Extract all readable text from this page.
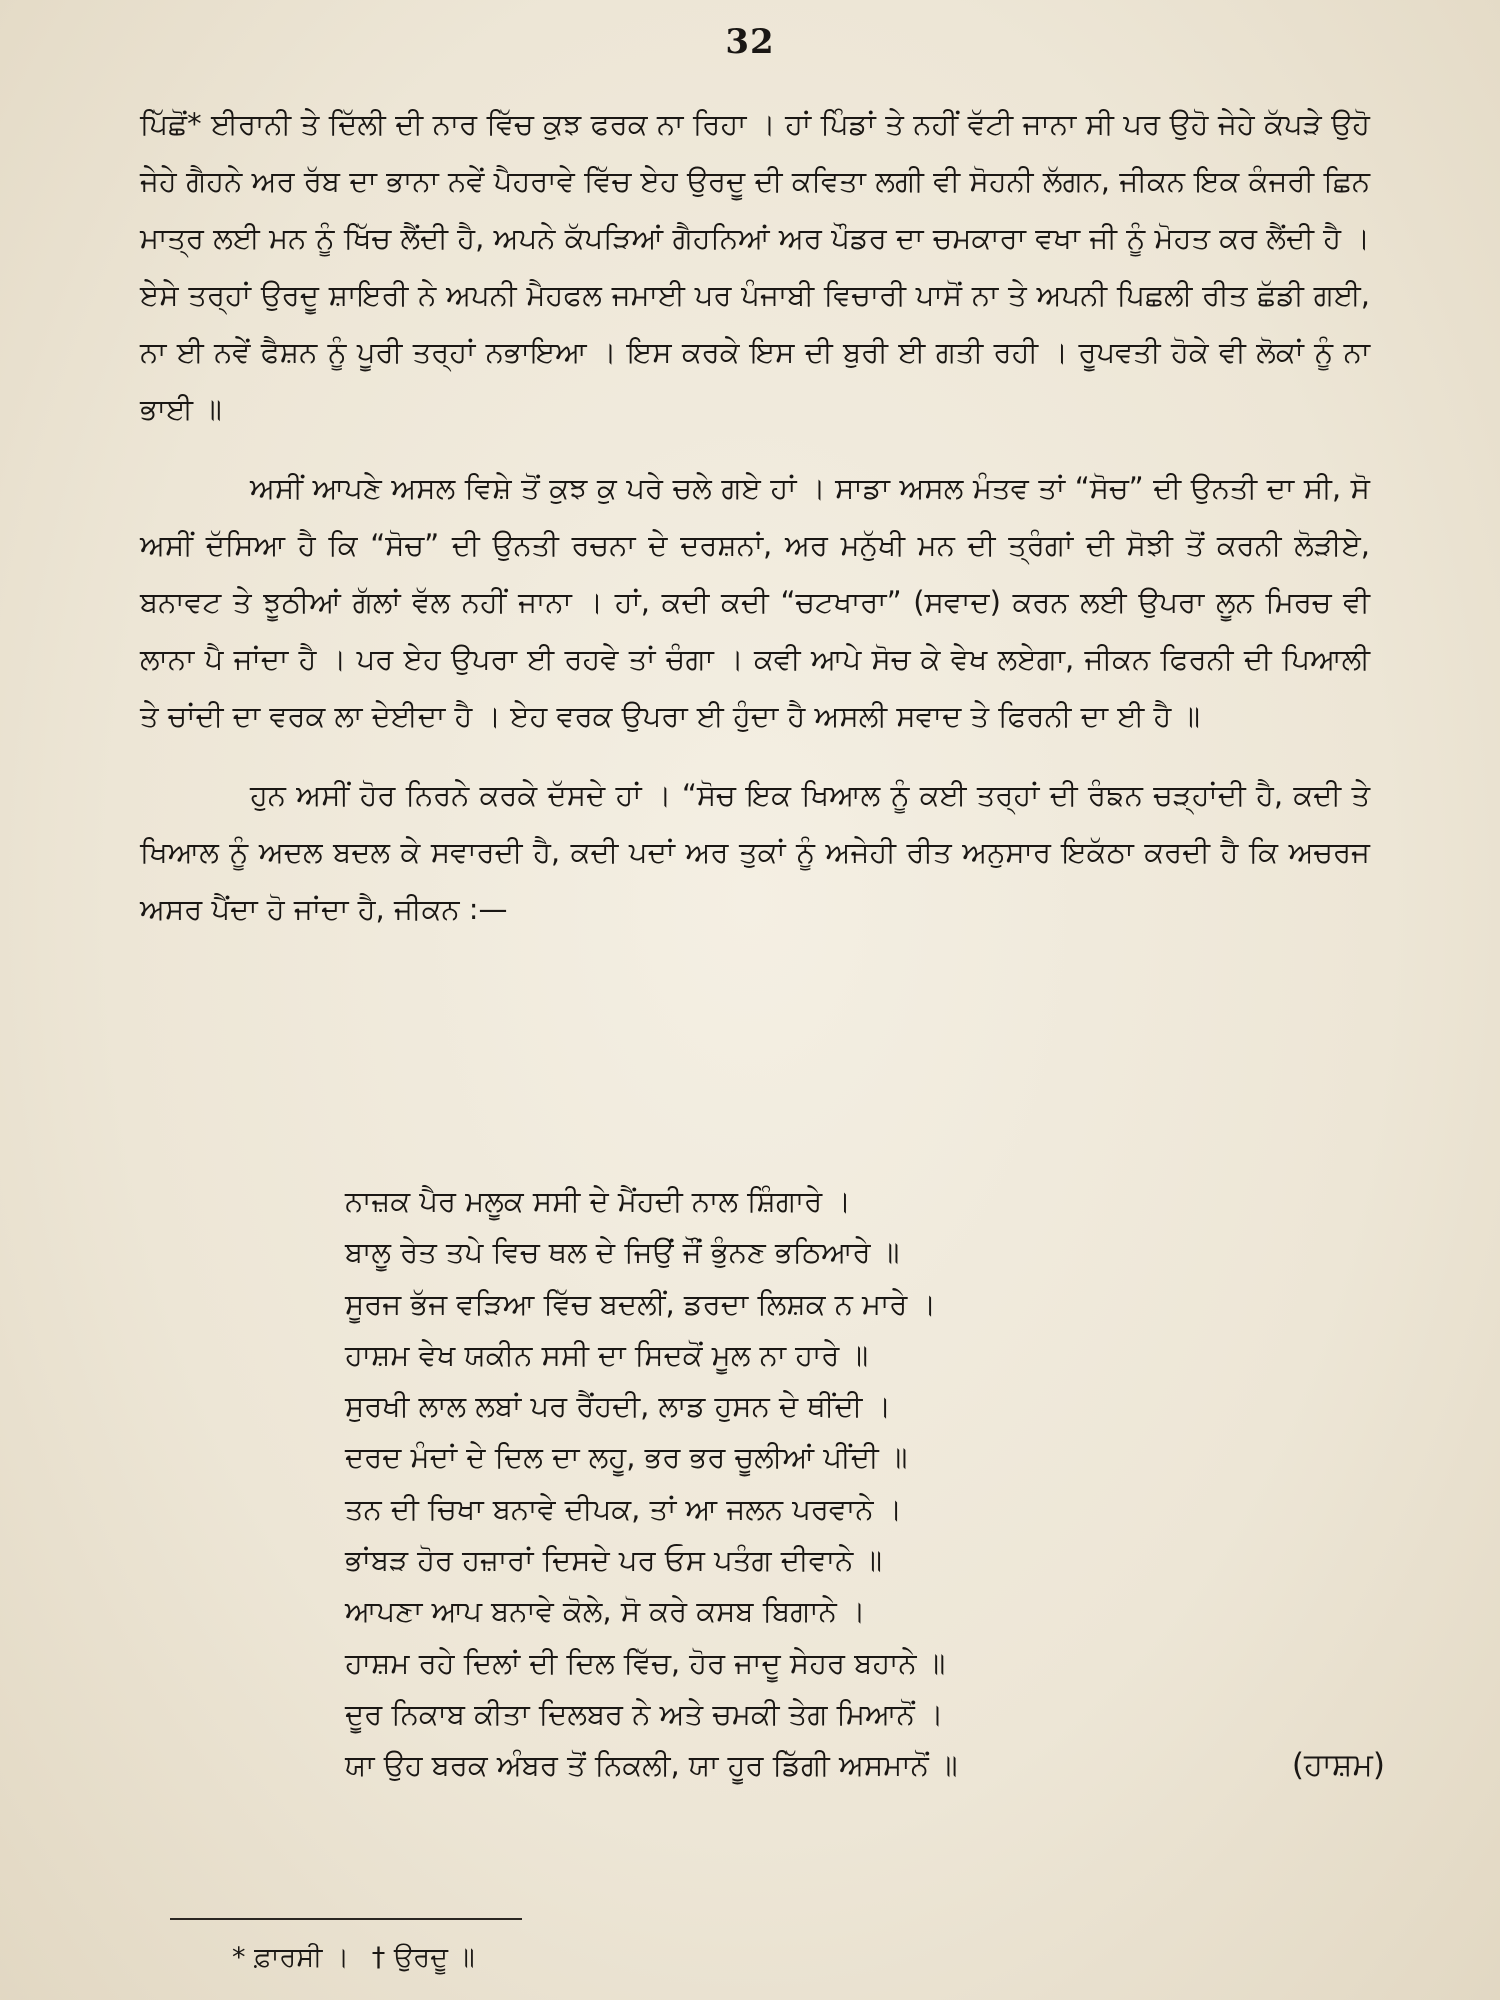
32

ਪਿੱਛੋਂ* ਈਰਾਨੀ ਤੇ ਦਿੱਲੀ ਦੀ ਨਾਰ ਵਿੱਚ ਕੁਝ ਫਰਕ ਨਾ ਰਿਹਾ । ਹਾਂ ਪਿੰਡਾਂ ਤੇ ਨਹੀਂ ਵੱਟੀ ਜਾਨਾ ਸੀ ਪਰ ਉਹੋ ਜੇਹੇ ਕੱਪੜੇ ਉਹੋ ਜੇਹੇ ਗੈਹਨੇ ਅਰ ਰੱਬ ਦਾ ਭਾਨਾ ਨਵੇਂ ਪੈਹਰਾਵੇ ਵਿੱਚ ਏਹ ਉਰਦੂ ਦੀ ਕਵਿਤਾ ਲਗੀ ਵੀ ਸੋਹਨੀ ਲੱਗਨ, ਜੀਕਨ ਇਕ ਕੰਜਰੀ ਛਿਨ ਮਾਤ੍ਰ ਲਈ ਮਨ ਨੂੰ ਖਿੱਚ ਲੈਂਦੀ ਹੈ, ਅਪਨੇ ਕੱਪੜਿਆਂ ਗੈਹਨਿਆਂ ਅਰ ਪੌਡਰ ਦਾ ਚਮਕਾਰਾ ਵਖਾ ਜੀ ਨੂੰ ਮੋਹਤ ਕਰ ਲੈਂਦੀ ਹੈ । ਏਸੇ ਤਰ੍ਹਾਂ ਉਰਦੂ ਸ਼ਾਇਰੀ ਨੇ ਅਪਨੀ ਮੈਹਫਲ ਜਮਾਈ ਪਰ ਪੰਜਾਬੀ ਵਿਚਾਰੀ ਪਾਸੋਂ ਨਾ ਤੇ ਅਪਨੀ ਪਿਛਲੀ ਰੀਤ ਛੱਡੀ ਗਈ, ਨਾ ਈ ਨਵੇਂ ਫੈਸ਼ਨ ਨੂੰ ਪੂਰੀ ਤਰ੍ਹਾਂ ਨਭਾਇਆ । ਇਸ ਕਰਕੇ ਇਸ ਦੀ ਬੁਰੀ ਈ ਗਤੀ ਰਹੀ । ਰੂਪਵਤੀ ਹੋਕੇ ਵੀ ਲੋਕਾਂ ਨੂੰ ਨਾ ਭਾਈ ॥

ਅਸੀਂ ਆਪਣੇ ਅਸਲ ਵਿਸ਼ੇ ਤੋਂ ਕੁਝ ਕੁ ਪਰੇ ਚਲੇ ਗਏ ਹਾਂ । ਸਾਡਾ ਅਸਲ ਮੰਤਵ ਤਾਂ “ਸੋਚ” ਦੀ ਉਨਤੀ ਦਾ ਸੀ, ਸੋ ਅਸੀਂ ਦੱਸਿਆ ਹੈ ਕਿ “ਸੋਚ” ਦੀ ਉਨਤੀ ਰਚਨਾ ਦੇ ਦਰਸ਼ਨਾਂ, ਅਰ ਮਨੁੱਖੀ ਮਨ ਦੀ ਤ੍ਰੰਗਾਂ ਦੀ ਸੋਝੀ ਤੋਂ ਕਰਨੀ ਲੋੜੀਏ, ਬਨਾਵਟ ਤੇ ਝੂਠੀਆਂ ਗੱਲਾਂ ਵੱਲ ਨਹੀਂ ਜਾਨਾ । ਹਾਂ, ਕਦੀ ਕਦੀ “ਚਟਖਾਰਾ” (ਸਵਾਦ) ਕਰਨ ਲਈ ਉਪਰਾ ਲੂਨ ਮਿਰਚ ਵੀ ਲਾਨਾ ਪੈ ਜਾਂਦਾ ਹੈ । ਪਰ ਏਹ ਉਪਰਾ ਈ ਰਹਵੇ ਤਾਂ ਚੰਗਾ । ਕਵੀ ਆਪੇ ਸੋਚ ਕੇ ਵੇਖ ਲਏਗਾ, ਜੀਕਨ ਫਿਰਨੀ ਦੀ ਪਿਆਲੀ ਤੇ ਚਾਂਦੀ ਦਾ ਵਰਕ ਲਾ ਦੇਈਦਾ ਹੈ । ਏਹ ਵਰਕ ਉਪਰਾ ਈ ਹੁੰਦਾ ਹੈ ਅਸਲੀ ਸਵਾਦ ਤੇ ਫਿਰਨੀ ਦਾ ਈ ਹੈ ॥

ਹੁਨ ਅਸੀਂ ਹੋਰ ਨਿਰਨੇ ਕਰਕੇ ਦੱਸਦੇ ਹਾਂ । “ਸੋਚ ਇਕ ਖਿਆਲ ਨੂੰ ਕਈ ਤਰ੍ਹਾਂ ਦੀ ਰੰਙਨ ਚੜ੍ਹਾਂਦੀ ਹੈ, ਕਦੀ ਤੇ ਖਿਆਲ ਨੂੰ ਅਦਲ ਬਦਲ ਕੇ ਸਵਾਰਦੀ ਹੈ, ਕਦੀ ਪਦਾਂ ਅਰ ਤੁਕਾਂ ਨੂੰ ਅਜੇਹੀ ਰੀਤ ਅਨੁਸਾਰ ਇਕੱਠਾ ਕਰਦੀ ਹੈ ਕਿ ਅਚਰਜ ਅਸਰ ਪੈਂਦਾ ਹੋ ਜਾਂਦਾ ਹੈ, ਜੀਕਨ :—

ਨਾਜ਼ਕ ਪੈਰ ਮਲੂਕ ਸਸੀ ਦੇ ਮੈਂਹਦੀ ਨਾਲ ਸ਼ਿੰਗਾਰੇ ।
ਬਾਲੂ ਰੇਤ ਤਪੇ ਵਿਚ ਥਲ ਦੇ ਜਿਉਂ ਜੌਂ ਭੁੰਨਣ ਭਠਿਆਰੇ ॥
ਸੂਰਜ ਭੱਜ ਵੜਿਆ ਵਿੱਚ ਬਦਲੀਂ, ਡਰਦਾ ਲਿਸ਼ਕ ਨ ਮਾਰੇ ।
ਹਾਸ਼ਮ ਵੇਖ ਯਕੀਨ ਸਸੀ ਦਾ ਸਿਦਕੋਂ ਮੂਲ ਨਾ ਹਾਰੇ ॥
ਸੁਰਖੀ ਲਾਲ ਲਬਾਂ ਪਰ ਰੈਂਹਦੀ, ਲਾਡ ਹੁਸਨ ਦੇ ਥੀਂਦੀ ।
ਦਰਦ ਮੰਦਾਂ ਦੇ ਦਿਲ ਦਾ ਲਹੂ, ਭਰ ਭਰ ਚੂਲੀਆਂ ਪੀਂਦੀ ॥
ਤਨ ਦੀ ਚਿਖਾ ਬਨਾਵੇ ਦੀਪਕ, ਤਾਂ ਆ ਜਲਨ ਪਰਵਾਨੇ ।
ਭਾਂਬੜ ਹੋਰ ਹਜ਼ਾਰਾਂ ਦਿਸਦੇ ਪਰ ਓਸ ਪਤੰਗ ਦੀਵਾਨੇ ॥
ਆਪਣਾ ਆਪ ਬਨਾਵੇ ਕੋਲੇ, ਸੋ ਕਰੇ ਕਸਬ ਬਿਗਾਨੇ ।
ਹਾਸ਼ਮ ਰਹੇ ਦਿਲਾਂ ਦੀ ਦਿਲ ਵਿੱਚ, ਹੋਰ ਜਾਦੂ ਸੇਹਰ ਬਹਾਨੇ ॥
ਦੂਰ ਨਿਕਾਬ ਕੀਤਾ ਦਿਲਬਰ ਨੇ ਅਤੇ ਚਮਕੀ ਤੇਗ ਮਿਆਨੋਂ ।
ਯਾ ਉਹ ਬਰਕ ਅੰਬਰ ਤੋਂ ਨਿਕਲੀ, ਯਾ ਹੂਰ ਡਿੱਗੀ ਅਸਮਾਨੋਂ ॥	(ਹਾਸ਼ਮ)
* ਫ਼ਾਰਸੀ । † ਉਰਦੂ ॥
